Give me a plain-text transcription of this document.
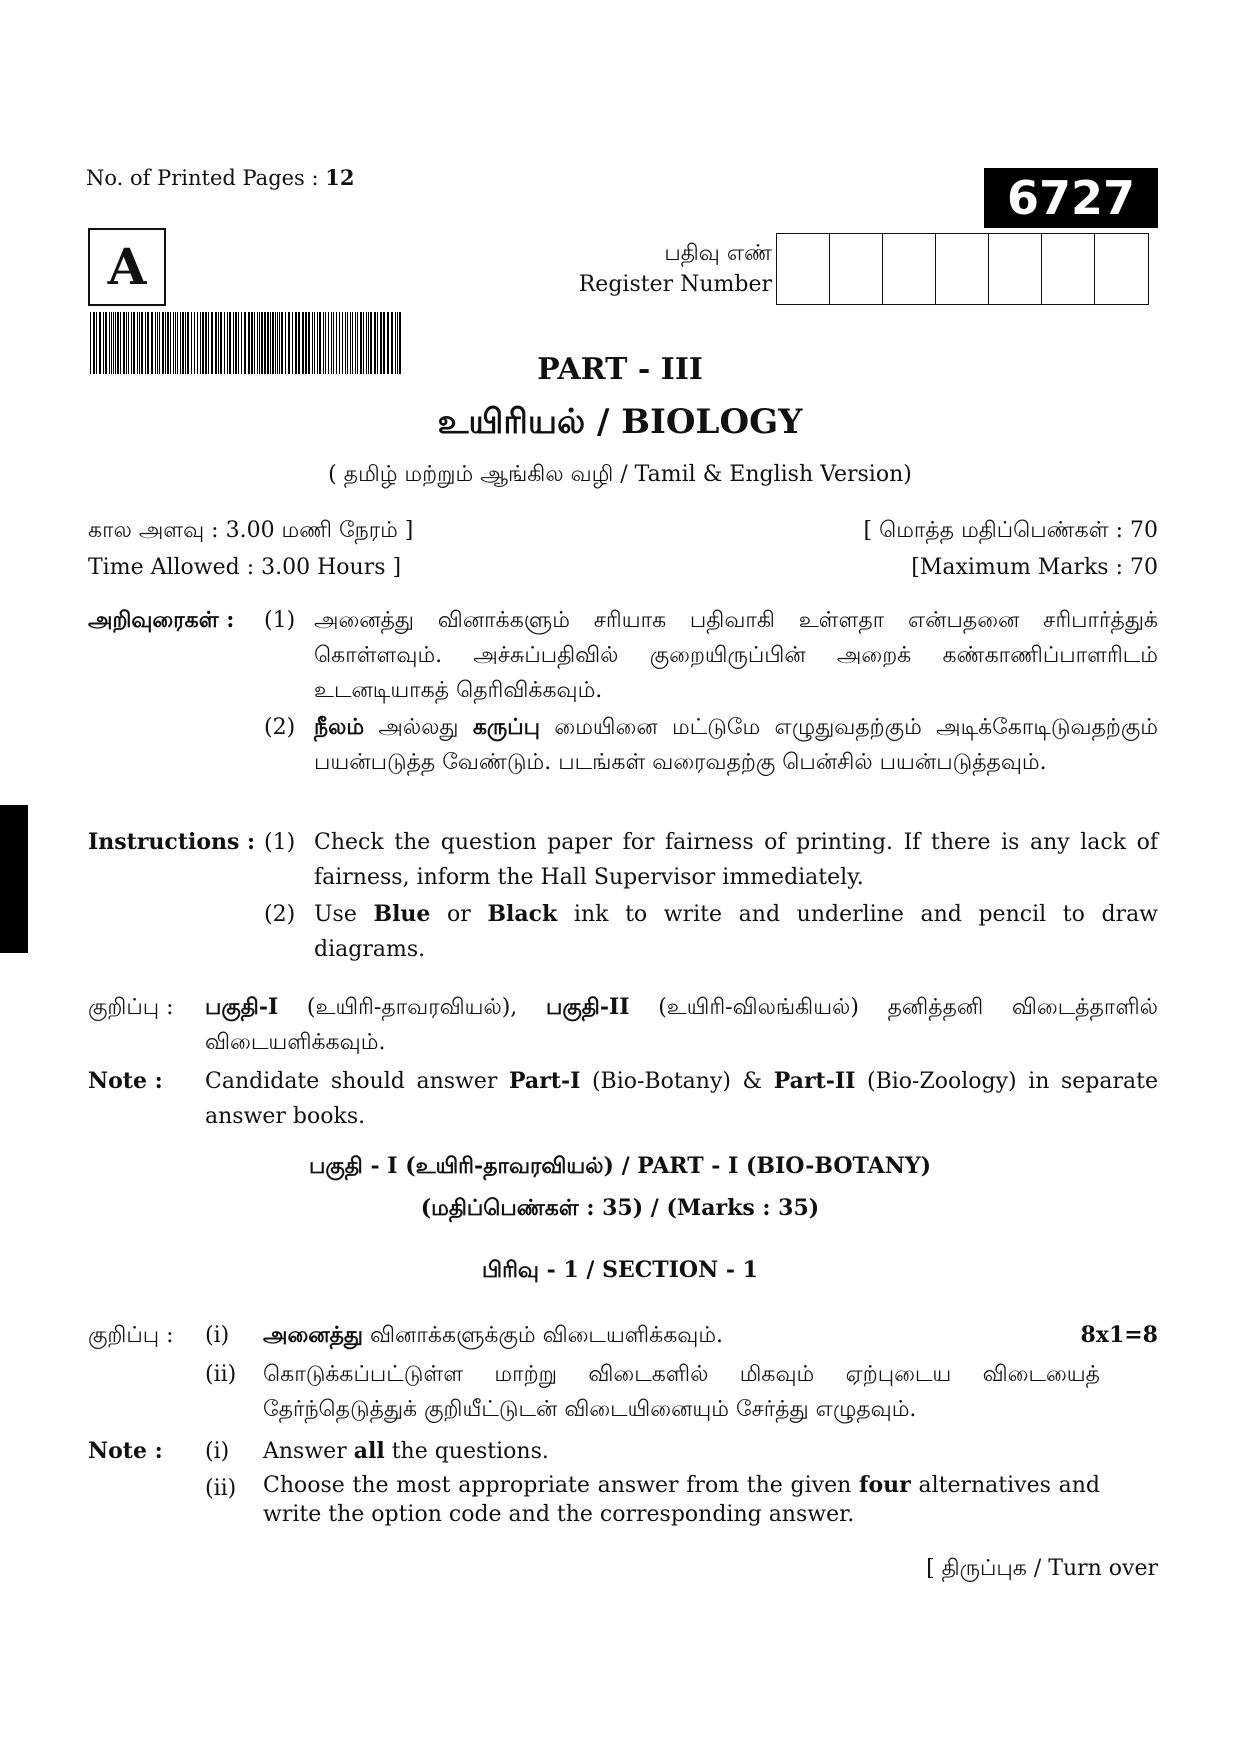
No. of Printed Pages : 12	6727
A	பதிவு எண்
Register Number
PART - III
உயிரியல் / BIOLOGY
( தமிழ் மற்றும் ஆங்கில வழி / Tamil & English Version)
கால அளவு : 3.00 மணி நேரம் ]
Time Allowed : 3.00 Hours ]
[ மொத்த மதிப்பெண்கள் : 70
[Maximum Marks : 70
அறிவுரைகள் :	(1) அனைத்து வினாக்களும் சரியாக பதிவாகி உள்ளதா என்பதனை சரிபார்த்துக் கொள்ளவும். அச்சுப்பதிவில் குறையிருப்பின் அறைக் கண்காணிப்பாளரிடம் உடனடியாகத் தெரிவிக்கவும்.
(2) நீலம் அல்லது கருப்பு மையினை மட்டுமே எழுதுவதற்கும் அடிக்கோடிடுவதற்கும் பயன்படுத்த வேண்டும். படங்கள் வரைவதற்கு பென்சில் பயன்படுத்தவும்.
Instructions : (1) Check the question paper for fairness of printing. If there is any lack of fairness, inform the Hall Supervisor immediately.
(2) Use Blue or Black ink to write and underline and pencil to draw diagrams.
குறிப்பு :	பகுதி-I (உயிரி-தாவரவியல்), பகுதி-II (உயிரி-விலங்கியல்) தனித்தனி விடைத்தாளில் விடையளிக்கவும்.
Note :	Candidate should answer Part-I (Bio-Botany) & Part-II (Bio-Zoology) in separate answer books.
பகுதி - I (உயிரி-தாவரவியல்) / PART - I (BIO-BOTANY)
(மதிப்பெண்கள் : 35) / (Marks : 35)
பிரிவு - 1 / SECTION - 1
குறிப்பு :	(i)	அனைத்து வினாக்களுக்கும் விடையளிக்கவும்.	8x1=8
(ii)	கொடுக்கப்பட்டுள்ள மாற்று விடைகளில் மிகவும் ஏற்புடைய விடையைத் தேர்ந்தெடுத்துக் குறியீட்டுடன் விடையினையும் சேர்த்து எழுதவும்.
Note :	(i)	Answer all the questions.
(ii)	Choose the most appropriate answer from the given four alternatives and write the option code and the corresponding answer.
[ திருப்புக / Turn over
